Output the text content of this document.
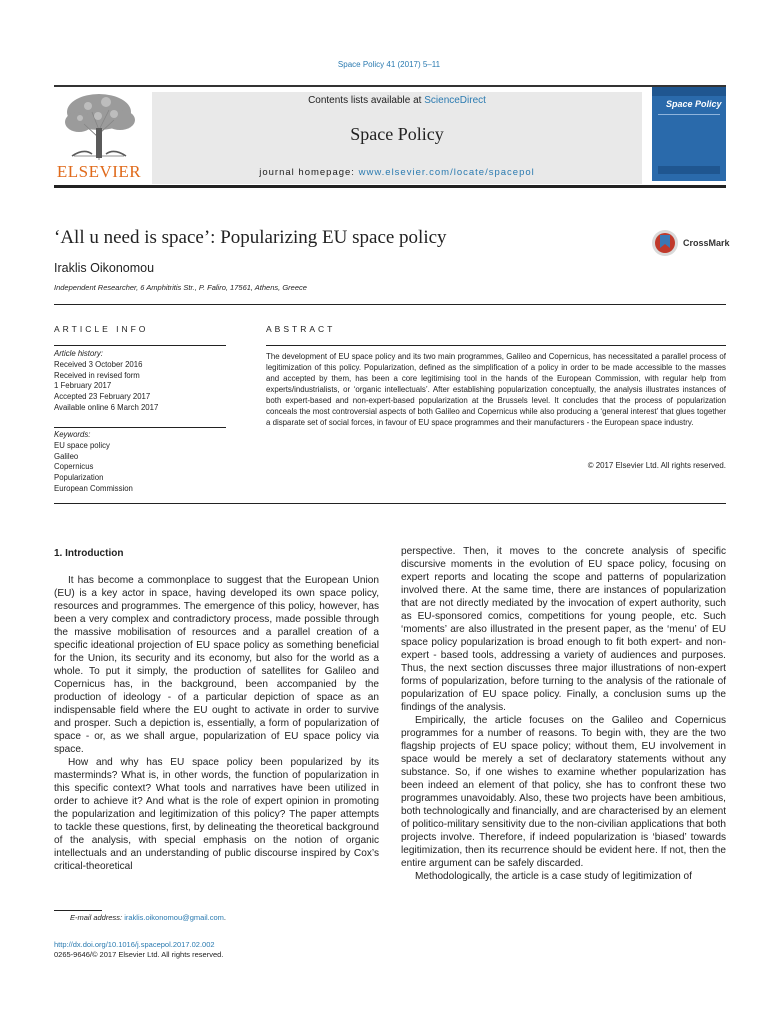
Space Policy 41 (2017) 5–11
ELSEVIER
Contents lists available at ScienceDirect
Space Policy
journal homepage: www.elsevier.com/locate/spacepol
Space Policy
‘All u need is space’: Popularizing EU space policy	CrossMark
Iraklis Oikonomou
Independent Researcher, 6 Amphitritis Str., P. Faliro, 17561, Athens, Greece
ARTICLE INFO
Article history:
Received 3 October 2016
Received in revised form
1 February 2017
Accepted 23 February 2017
Available online 6 March 2017
Keywords:
EU space policy
Galileo
Copernicus
Popularization
European Commission
ABSTRACT
The development of EU space policy and its two main programmes, Galileo and Copernicus, has necessitated a parallel process of legitimization of this policy. Popularization, defined as the simplification of a policy in order to be made accessible to the masses and accepted by them, has been a core legitimising tool in the hands of the European Commission, with regular help from experts/industrialists, or ‘organic intellectuals’. After establishing popularization conceptually, the analysis illustrates instances of both expert-based and non-expert-based popularization at the Brussels level. It concludes that the process of popularization conceals the most controversial aspects of both Galileo and Copernicus while also producing a ‘general interest’ that glues together a disparate set of social forces, in favour of EU space programmes and their manufacturers - the European space industry.
© 2017 Elsevier Ltd. All rights reserved.
1. Introduction

It has become a commonplace to suggest that the European Union (EU) is a key actor in space, having developed its own space policy, resources and programmes. The emergence of this policy, however, has been a very complex and contradictory process, made possible through the massive mobilisation of resources and a parallel creation of a specific ideational projection of EU space policy as something beneficial for the Union, its security and its economy, but also for the world as a whole. To put it simply, the production of satellites for Galileo and Copernicus has, in the background, been accompanied by the production of ideology - of a particular depiction of space as an indispensable field where the EU ought to activate in order to survive and prosper. Such a depiction is, essentially, a form of popularization of space - or, as we shall argue, popularization of EU space policy via space.

How and why has EU space policy been popularized by its masterminds? What is, in other words, the function of popularization in this specific context? What tools and narratives have been utilized in order to achieve it? And what is the role of expert opinion in promoting the popularization and legitimization of this policy? The paper attempts to tackle these questions, first, by delineating the theoretical background of the analysis, with special emphasis on the notion of organic intellectuals and an understanding of public discourse inspired by Cox’s critical-theoretical

perspective. Then, it moves to the concrete analysis of specific discursive moments in the evolution of EU space policy, focusing on expert reports and locating the scope and patterns of popularization involved there. At the same time, there are instances of popularization that are not directly mediated by the invocation of expert authority, such as EU-sponsored comics, competitions for young people, etc. Such ‘moments’ are also illustrated in the present paper, as the ‘menu’ of EU space policy popularization is broad enough to fit both expert- and non-expert - based tools, addressing a variety of audiences and purposes. Thus, the next section discusses three major illustrations of non-expert forms of popularization, before turning to the analysis of the rationale of popularization of EU space policy. Finally, a conclusion sums up the findings of the analysis.

Empirically, the article focuses on the Galileo and Copernicus programmes for a number of reasons. To begin with, they are the two flagship projects of EU space policy; without them, EU involvement in space would be merely a set of declaratory statements without any substance. So, if one wishes to examine whether popularization has been indeed an element of that policy, she has to confront these two programmes unavoidably. Also, these two projects have been ambitious, both technologically and financially, and are characterised by an element of politico-military sensitivity due to the non-civilian applications that both projects involve. Therefore, if indeed popularization is ‘biased’ towards legitimization, then its recurrence should be evident here. If not, then the entire argument can be safely discarded.

Methodologically, the article is a case study of legitimization of

E-mail address: iraklis.oikonomou@gmail.com.
http://dx.doi.org/10.1016/j.spacepol.2017.02.002
0265-9646/© 2017 Elsevier Ltd. All rights reserved.
